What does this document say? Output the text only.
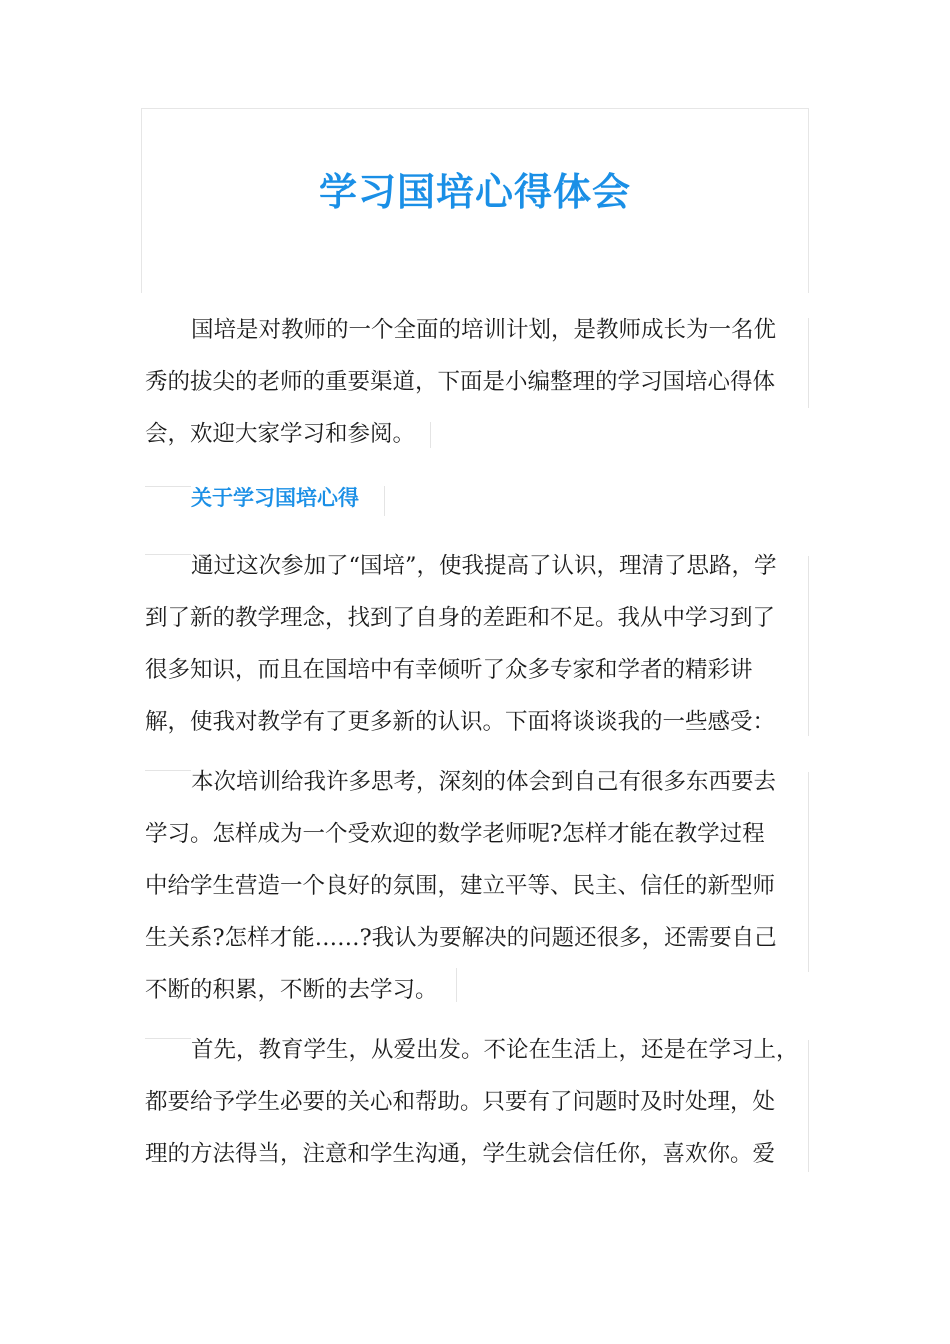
学习国培心得体会

国培是对教师的一个全面的培训计划，是教师成长为一名优
秀的拔尖的老师的重要渠道，下面是小编整理的学习国培心得体
会，欢迎大家学习和参阅。

关于学习国培心得

通过这次参加了“国培”，使我提高了认识，理清了思路，学
到了新的教学理念，找到了自身的差距和不足。我从中学习到了
很多知识，而且在国培中有幸倾听了众多专家和学者的精彩讲
解，使我对教学有了更多新的认识。下面将谈谈我的一些感受：

本次培训给我许多思考，深刻的体会到自己有很多东西要去
学习。怎样成为一个受欢迎的数学老师呢?怎样才能在教学过程
中给学生营造一个良好的氛围，建立平等、民主、信任的新型师
生关系?怎样才能……?我认为要解决的问题还很多，还需要自己
不断的积累，不断的去学习。

首先，教育学生，从爱出发。不论在生活上，还是在学习上，
都要给予学生必要的关心和帮助。只要有了问题时及时处理，处
理的方法得当，注意和学生沟通，学生就会信任你，喜欢你。爱
